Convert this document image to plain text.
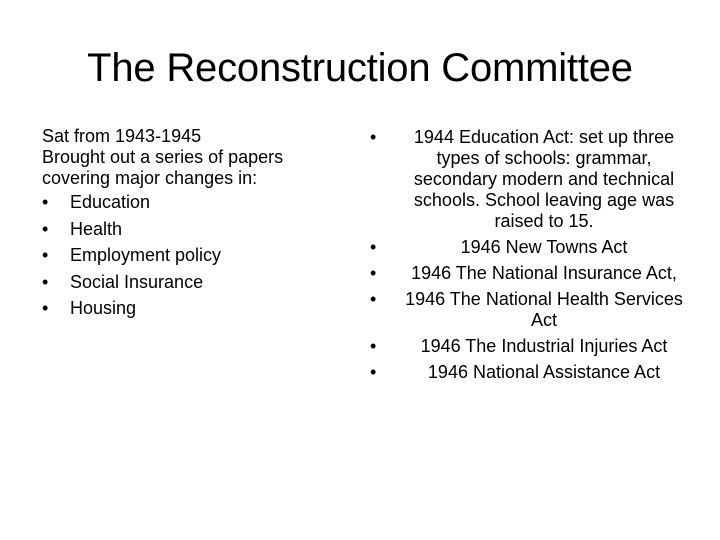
The Reconstruction Committee
Sat from 1943-1945
Brought out a series of papers
covering major changes in:
•	Education
•	Health
•	Employment policy
•	Social Insurance
•	Housing
•	1944 Education Act: set up three types of schools: grammar, secondary modern and technical schools. School leaving age was raised to 15.
•	1946 New Towns Act
•	1946 The National Insurance Act,
•	1946 The National Health Services Act
•	1946 The Industrial Injuries Act
•	1946 National Assistance Act
